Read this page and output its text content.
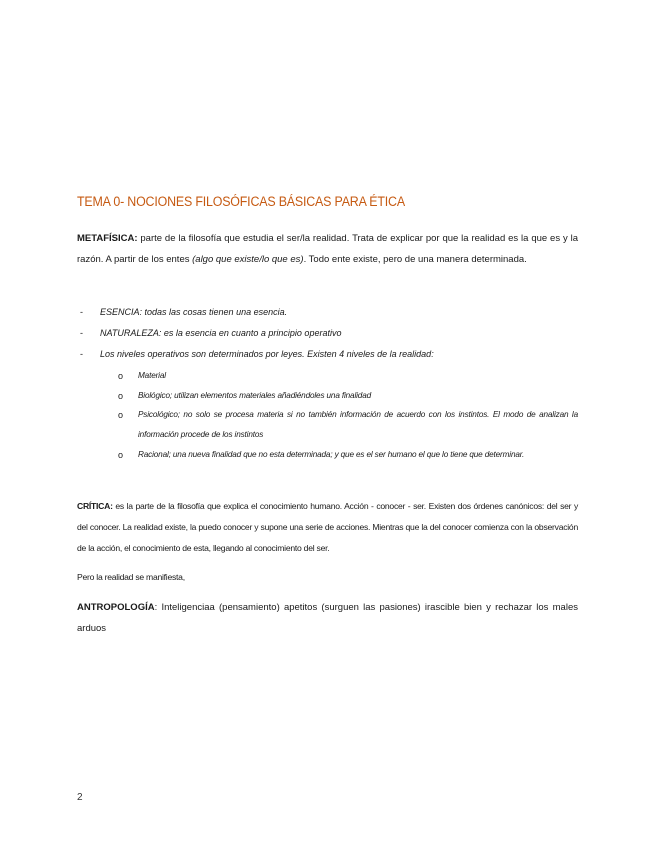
TEMA 0- NOCIONES FILOSÓFICAS BÁSICAS PARA ÉTICA

METAFÍSICA: parte de la filosofía que estudia el ser/la realidad. Trata de explicar por que la realidad es la que es y la razón. A partir de los entes (algo que existe/lo que es). Todo ente existe, pero de una manera determinada.

- ESENCIA: todas las cosas tienen una esencia.
- NATURALEZA: es la esencia en cuanto a principio operativo
- Los niveles operativos son determinados por leyes. Existen 4 niveles de la realidad:
o Material
o Biológico; utilizan elementos materiales añadiéndoles una finalidad
o Psicológico; no solo se procesa materia si no también información de acuerdo con los instintos. El modo de analizan la información procede de los instintos
o Racional; una nueva finalidad que no esta determinada; y que es el ser humano el que lo tiene que determinar.

CRÍTICA: es la parte de la filosofía que explica el conocimiento humano. Acción - conocer - ser. Existen dos órdenes canónicos: del ser y del conocer. La realidad existe, la puedo conocer y supone una serie de acciones. Mientras que la del conocer comienza con la observación de la acción, el conocimiento de esta, llegando al conocimiento del ser.

Pero la realidad se manifiesta,

ANTROPOLOGÍA: Inteligenciaa (pensamiento) apetitos (surguen las pasiones) irascible bien y rechazar los males arduos

2
